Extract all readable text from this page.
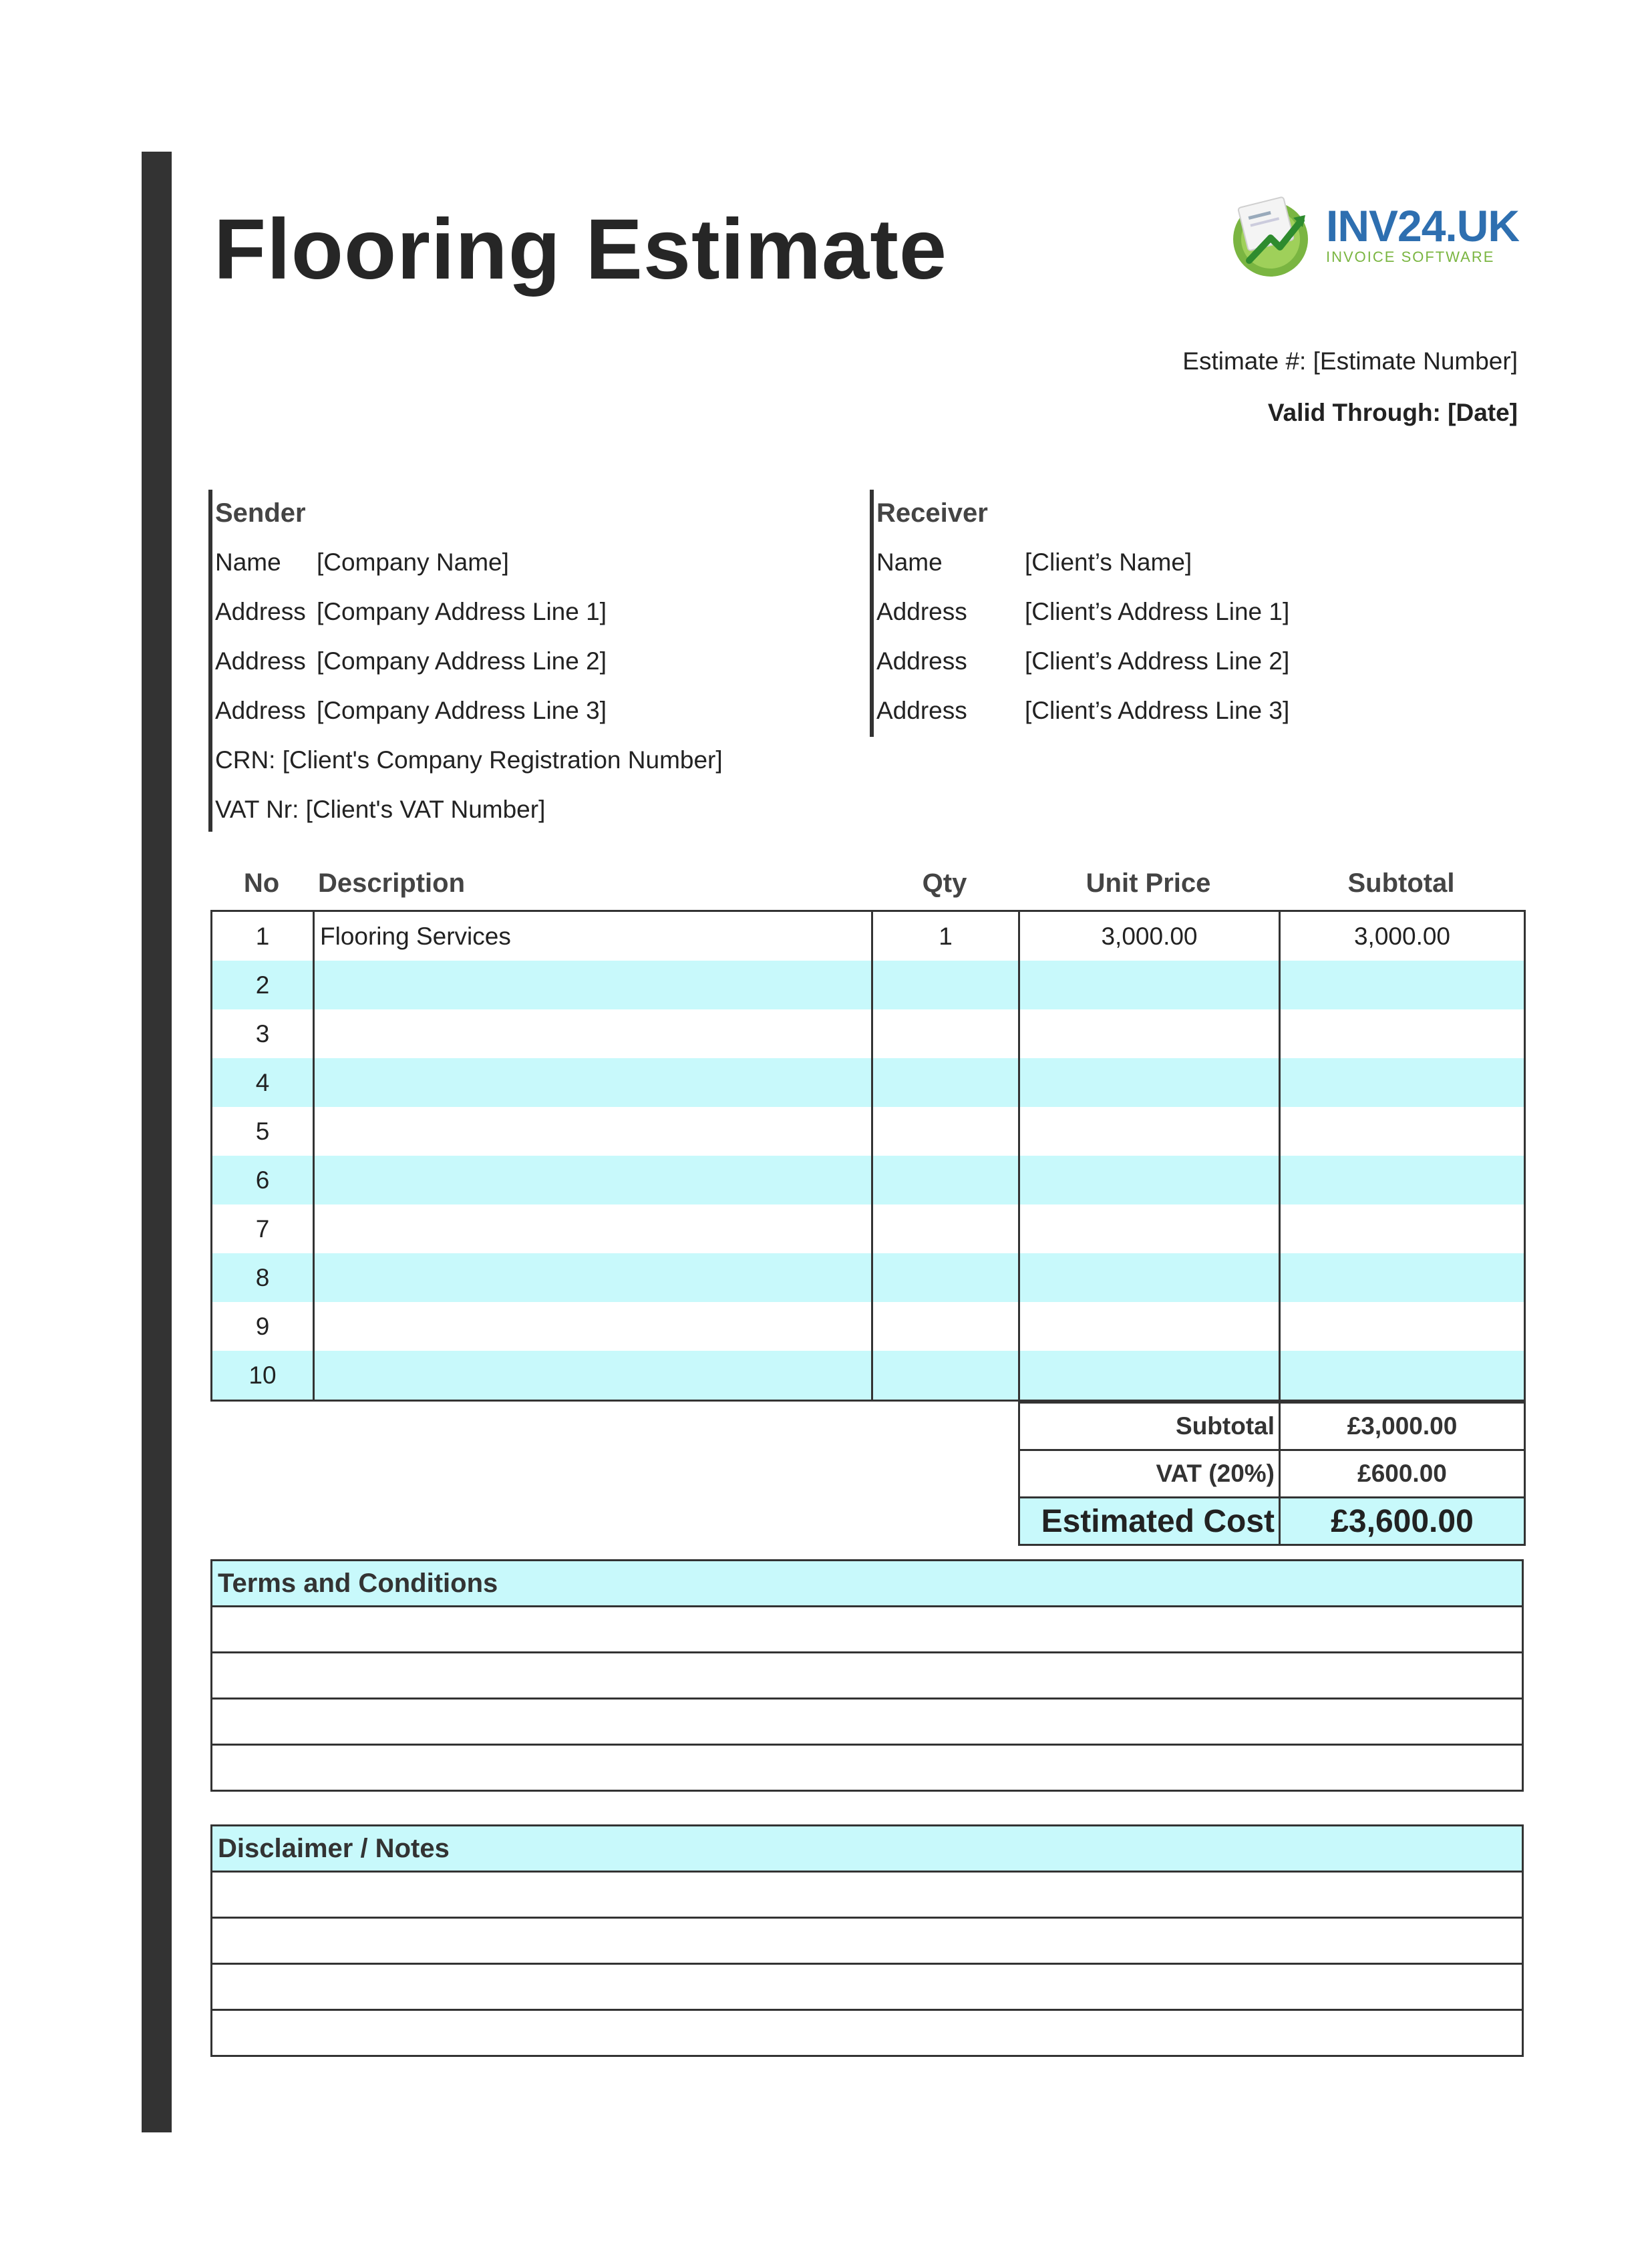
Flooring Estimate	INV24.UK
INVOICE SOFTWARE
Estimate #: [Estimate Number]
Valid Through: [Date]
Sender
Name [Company Name]
Address [Company Address Line 1]
Address [Company Address Line 2]
Address [Company Address Line 3]
CRN: [Client's Company Registration Number]
VAT Nr: [Client's VAT Number]
Receiver
Name	[Client’s Name]
Address [Client’s Address Line 1]
Address [Client’s Address Line 2]
Address [Client’s Address Line 3]
No	Description	Qty	Unit Price	Subtotal
1	Flooring Services	1	3,000.00	3,000.00
2				
3				
4				
5				
6				
7				
8				
9				
10				
Subtotal	£3,000.00
VAT (20%)	£600.00
Estimated Cost	£3,600.00
Terms and Conditions

Disclaimer / Notes
